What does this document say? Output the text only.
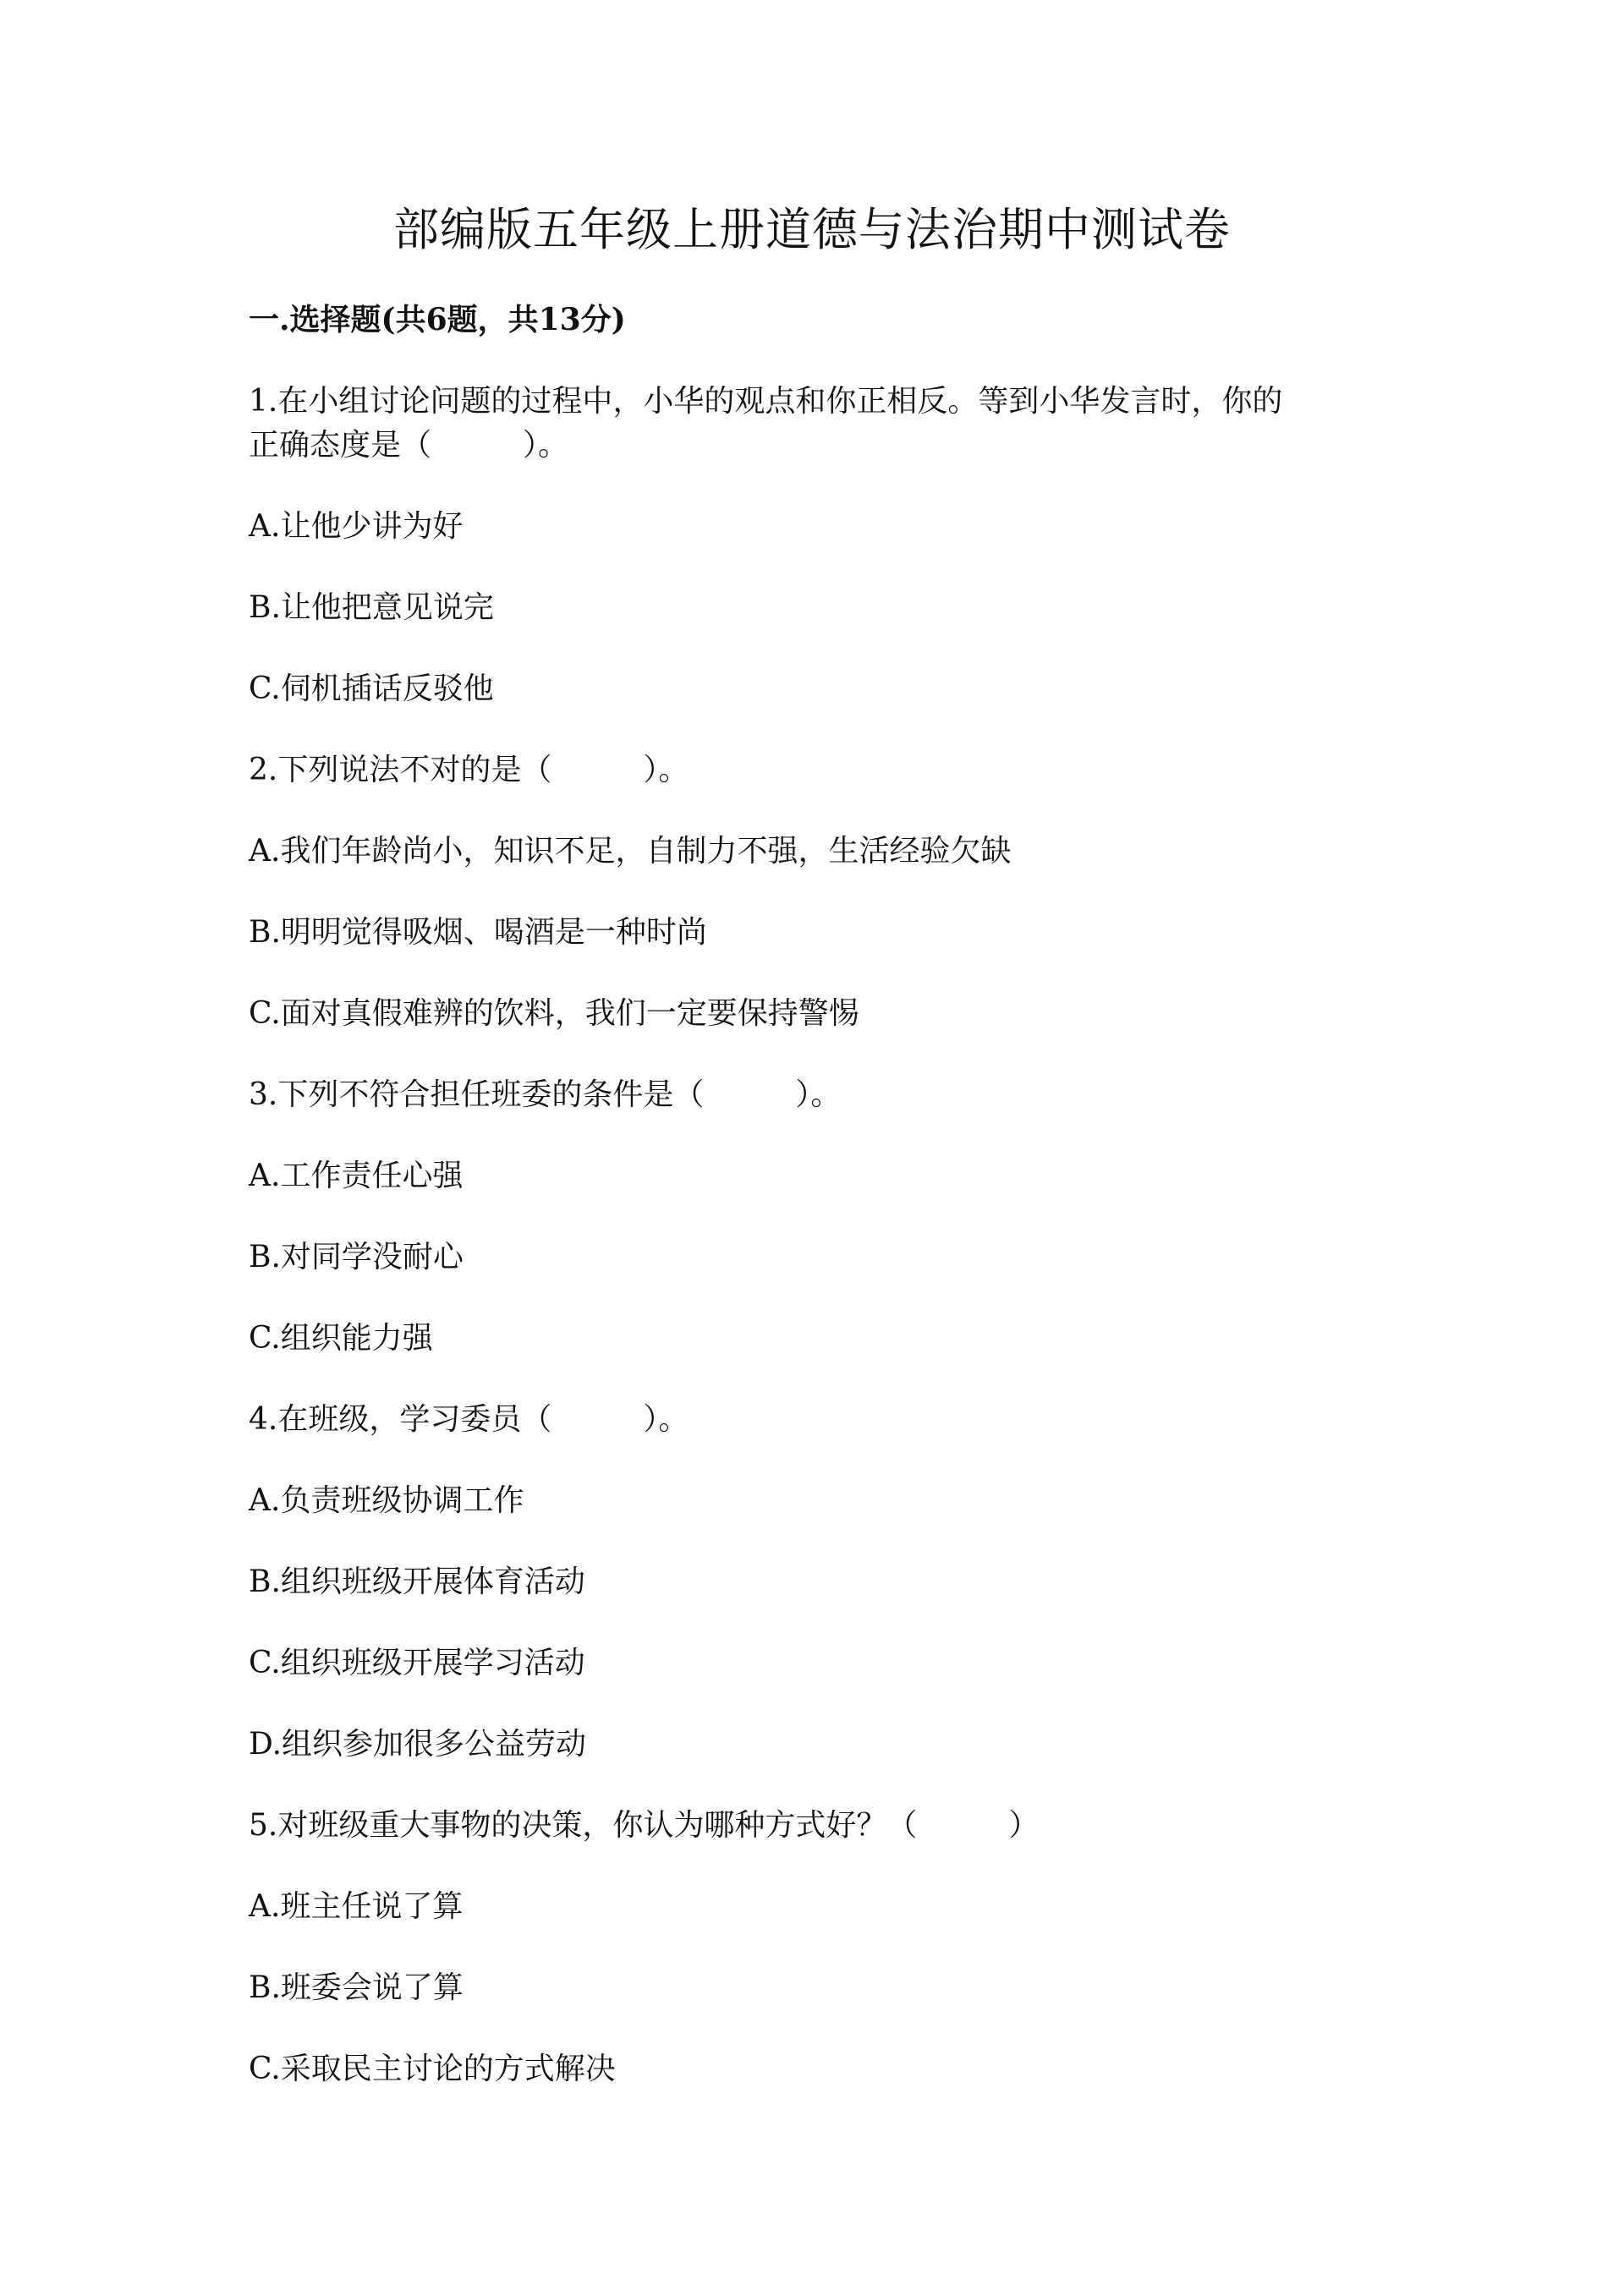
部编版五年级上册道德与法治期中测试卷
一.选择题(共6题，共13分)
1.在小组讨论问题的过程中，小华的观点和你正相反。等到小华发言时，你的
正确态度是（　　　）。
A.让他少讲为好
B.让他把意见说完
C.伺机插话反驳他
2.下列说法不对的是（　　　）。
A.我们年龄尚小，知识不足，自制力不强，生活经验欠缺
B.明明觉得吸烟、喝酒是一种时尚
C.面对真假难辨的饮料，我们一定要保持警惕
3.下列不符合担任班委的条件是（　　　）。
A.工作责任心强
B.对同学没耐心
C.组织能力强
4.在班级，学习委员（　　　）。
A.负责班级协调工作
B.组织班级开展体育活动
C.组织班级开展学习活动
D.组织参加很多公益劳动
5.对班级重大事物的决策，你认为哪种方式好？（　　　）
A.班主任说了算
B.班委会说了算
C.采取民主讨论的方式解决
